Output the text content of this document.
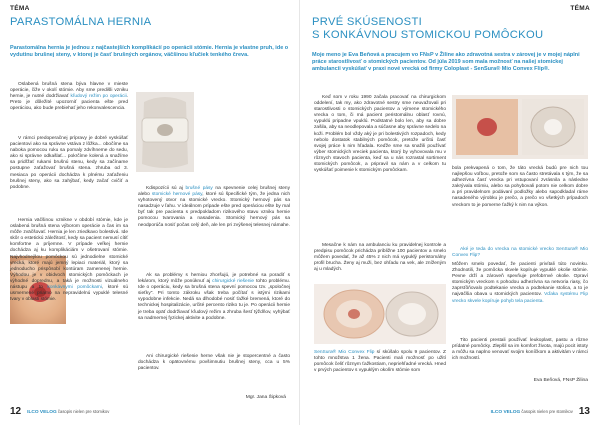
TÉMA
PARASTOMÁLNA HERNIA
Parastomálna hernia je jednou z najčastejších komplikácií po operácii stómie. Hernia je vlastne pruh, ide o vydutinu brušnej steny, v ktorej je časť brušných orgánov, väčšinou kľučiek tenkého čreva.
Oslabená brušná stena býva hlavne v mieste operácie, čiže v okolí stómie. Aby sme predišli vzniku hernie, je nutné dodržiavať kľudový režim po operácii. Preto je dôležité upozorniť pacienta ešte pred operáciou, ako bude prebiehať jeho rekonvalescencia.
V rámci predoperačnej prípravy je dobré vyskúšať pacientovi ako sa správne vstáva z lôžka... obočíme sa naboka pomocou ruku sa pomaly zdvíhneme do sedu, ako si správne odkašlať... pokrčíme kolená a snažíme sa pridŕžať rukami brušnú stenu, kedy sa začíname postupne zaťažovať brušná stena. zhruba od 3. mesiaca po operácii dochádza k plnému zaťaženiu brušnej steny, ako sa zahýbať, kedy začať cvičiť a podobne.
Hernia väčšinou vznikne v období stómie, kde je oslabená brušná stena výborom operácie a čas im sa môže zväčšovať. Hernia je len zriedkavo bolestivá. Ide skôr o estetickú záležitosť, kedy sa pacient nemusí cítiť komfortne a príjemne. V prípade veľkej hernie dochádza aj ku komplikáciám v ošetrovaní stómie. Najvhodnejšou pomôckou sú jednodielne stomické vrecká, ktoré majú jemný lepiaci materiál, ktorý sa jednoducho prispôsobí kontúram zamenenej hernie. Výhodou je v obidvoch stomických pomôckach je výhodné doprednu, a taká je možnosti vizuálneho nástupu a to konkávnymi pomôckami, ktoré sú usmernené priamo na nepravidelnú vypuklé telesné tvary v oblasti stómie.
Kdispozícii sú aj brušné pásy na spevnenie celej brušnej steny alebo stomické hernové pásy, ktoré sú špecifické tým, že jedna nich vyhotovený otvor na stomické vrecko. Stomický hernový pás sa nasadzuje v ľahu. V ideálnom prípade ešte pred operáciou ešte by mal byť tak pre pacienta s predpokladom rizikového stavu vzniku hernie pomocou tvarovania a nasadenia. Stomický hernový pás sa neodporúča nosiť počas celý deň, ale len pri zvýšenej telesnej námahe.
Ak sa problémy s herniou zhoršujú, je potrebné sa poradiť s lekárom, ktorý môže ponúknuť aj chirurgické riešenie tohto problému. Ide o operáciu, kedy sa brušná stena spevní pomocou tzv. „spoločnej sieťky". Pri tomto zákroku však treba počítať s istými rizikami vypodobne infekcie. Nedá sa dlhodobé nosiť ťažké bremená, ktoré do technickej hospitalizácie, určité percento riziko tu je. Po operácii hernie je treba opäť dodržiavať kľudový režim a zhruba šesť týždňov, vyhýbať sa nadmernej fyzickej aktivite a podobne.
Ani chirurgické riešenie herne však nie je stopercentné a často dochádza k opätovnému povšimnutiu brušnej steny, cca u 5% pacientov.
Mgr. Jana Šipková
12 ILCO VELOG časopis nielen pre stomikov
TÉMA
PRVÉ SKÚSENOSTI
S KONKÁVNOU STOMICKOU POMÔCKOU
Moje meno je Eva Beňová a pracujem vo FNsP v Žiline ako zdravotná sestra v zárovej je v mojej náplni práce starostlivosť o stomických pacientov. Od júla 2019 som mala možnosť na našej stomickej ambulancii vyskúšať v praxi nové vrecká od firmy Coloplast - SenSura® Mio Convex Flip®.
Keď som v roku 1990 začala pracovať na chirurgickom oddelení, tak my, ako zdravotné sestry sme neuvažovali pri starostlivosti o stomických pacientov a výmene stomického vrecka o tom, či má pacient peristomálnu oblasť rovnú, vypuklú pripadne vpuklú. Podstatné bolo len, aby sa dobre zašila, aby sa neodlepovala a súčasne aby správne sedelo na koži. Problém bol vždy aký je pri bolestivých rozpadoch, kedy nebolo dostatok stabilných pomôcok, pretože určitú časť svojej práce k nim hľadala. Keďže sme sa snažili používať výber stomických vreciek pacienta, ktorý by vyhovovala mu v rôznych stavoch pacienta, keď sa u nás rozrastal sortiment stomických pomôcok, a pripravil sa nám a v celkom tu vyskúšať poimenie k stomickým pomôckam.
Mesačne k nám na ambulanciu ku pravidelnej kontrole a predpisu pomôcok prichádza približne 100 pacientov a smelo môžem povedať, že až 45% z nich má vypuklý peristomálny profil brucha. Ženy aj muži, bez ohľadu na vek, ale zníženým aj u mladých.
SenSura® Mio Convex Flip sí skúšalo spolu 9 pacientov. Z tohto množstva 1 žena. Pacienti mali možnosť po užití pomôcok čeliť rôznym ťažkostiam, nepriehľadné vrecká. Hned v prvých pacientov s vypuklým okolím stómie som
bola prekvapená o tom, že táto vrecká budú pre nich tou najlepšou voľbou, pretože som sa často stretávala s tým, že sa adhezívna časť vrecka pri vstupovaní zvrásnila a následne zakrývala stómiu, alebo sa pohybovali potom nie celkom dobre a pri pravidelnom podávaní podložky alebo sapodkladal ráme nasadeného výrobku je prečo, a prečo vo všetkých prípadoch vreckom to je pomerne ťažký k nim na výkon.
Aké je teda do vrecka na stomické vrecko SenSura® Mio Convex Flip?
Môžem smelo povedať, že pacienti privítali túto novinku. Zhodnotili, že pomôcka skvele kopíruje vypuklé okolie stómie. Pevne drží a zároveň spevňuje prefobrnvé okolie. Opraví stomickým vreckom s pohodou adhezívna sa netvoria riasy, čo zaprsťôňovalo podtekanie vrecka a podtekanie stolica, a to je najväčšia obava u stomických pacientov. Vďaka systému Flip vrecko skvele kopíruje pohyb tela pacienta.
Tito pacienti prestali používať leukoplast, pastu a rôzne prídatné pomôcky. Zlepšil sa im komfort života, majú pocit istoty a môžu sa naplno venovať svojim koníčkom a aktivitám v rámci ich možností.
Eva Beňová, FNsP Žilina
ILCO VELOG časopis nielen pre stomikov 13
